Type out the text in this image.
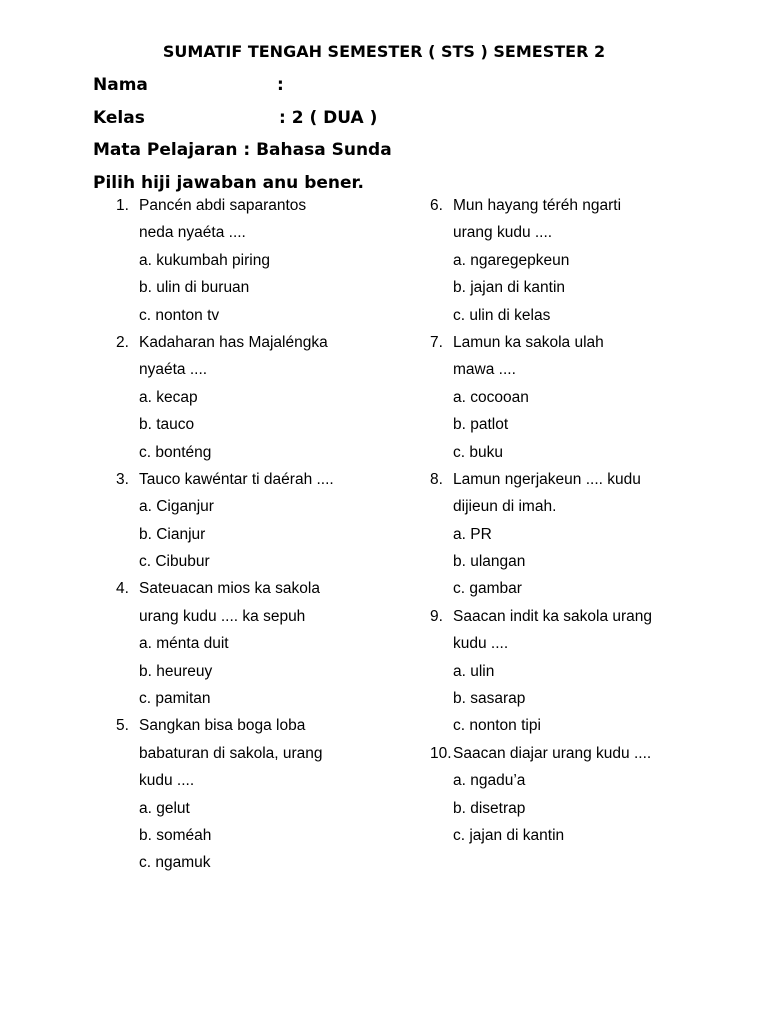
SUMATIF TENGAH SEMESTER ( STS ) SEMESTER 2
Nama	:
Kelas	: 2 ( DUA )
Mata Pelajaran : Bahasa Sunda
Pilih hiji jawaban anu bener.
1. Pancén abdi saparantos
neda nyaéta ....
a. kukumbah piring
b. ulin di buruan
c. nonton tv
2. Kadaharan has Majaléngka
nyaéta ....
a. kecap
b. tauco
c. bonténg
3. Tauco kawéntar ti daérah ....
a. Ciganjur
b. Cianjur
c. Cibubur
4. Sateuacan mios ka sakola
urang kudu .... ka sepuh
a. ménta duit
b. heureuy
c. pamitan
5. Sangkan bisa boga loba
babaturan di sakola, urang
kudu ....
a. gelut
b. soméah
c. ngamuk
6. Mun hayang téréh ngarti
urang kudu ....
a. ngaregepkeun
b. jajan di kantin
c. ulin di kelas
7. Lamun ka sakola ulah
mawa ....
a. cocooan
b. patlot
c. buku
8. Lamun ngerjakeun .... kudu
dijieun di imah.
a. PR
b. ulangan
c. gambar
9. Saacan indit ka sakola urang
kudu ....
a. ulin
b. sasarap
c. nonton tipi
10. Saacan diajar urang kudu ....
a. ngadu’a
b. disetrap
c. jajan di kantin
